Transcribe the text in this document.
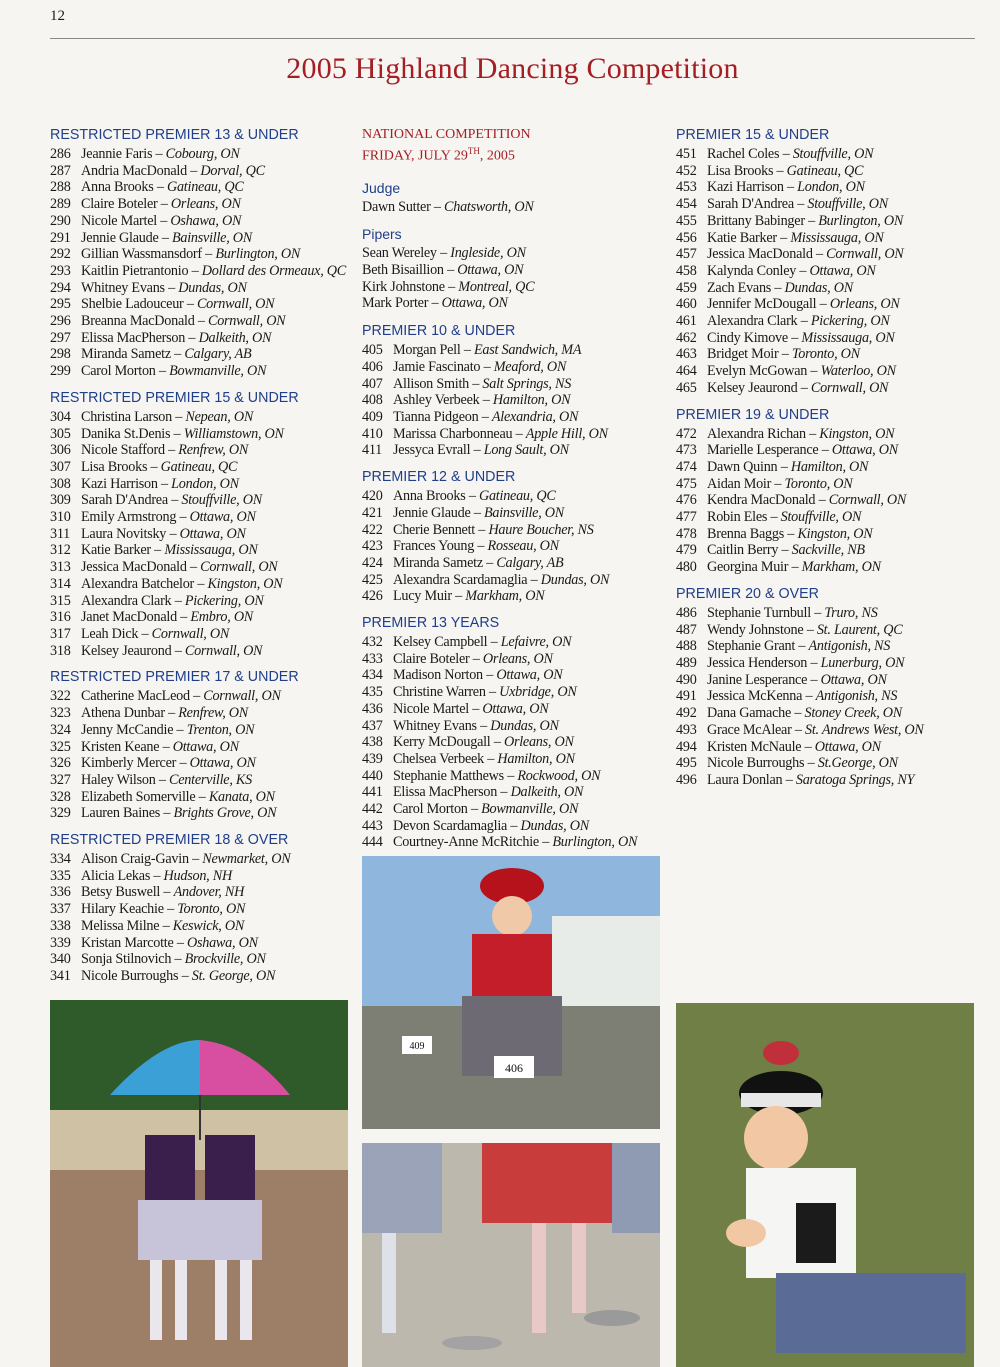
12
2005 Highland Dancing Competition
RESTRICTED PREMIER 13 & UNDER
286 Jeannie Faris – Cobourg, ON
287 Andria MacDonald – Dorval, QC
288 Anna Brooks – Gatineau, QC
289 Claire Boteler – Orleans, ON
290 Nicole Martel – Oshawa, ON
291 Jennie Glaude – Bainsville, ON
292 Gillian Wassmansdorf – Burlington, ON
293 Kaitlin Pietrantonio – Dollard des Ormeaux, QC
294 Whitney Evans – Dundas, ON
295 Shelbie Ladouceur – Cornwall, ON
296 Breanna MacDonald – Cornwall, ON
297 Elissa MacPherson – Dalkeith, ON
298 Miranda Sametz – Calgary, AB
299 Carol Morton – Bowmanville, ON
RESTRICTED PREMIER 15 & UNDER
304 Christina Larson – Nepean, ON
305 Danika St.Denis – Williamstown, ON
306 Nicole Stafford – Renfrew, ON
307 Lisa Brooks – Gatineau, QC
308 Kazi Harrison – London, ON
309 Sarah D'Andrea – Stouffville, ON
310 Emily Armstrong – Ottawa, ON
311 Laura Novitsky – Ottawa, ON
312 Katie Barker – Mississauga, ON
313 Jessica MacDonald – Cornwall, ON
314 Alexandra Batchelor – Kingston, ON
315 Alexandra Clark – Pickering, ON
316 Janet MacDonald – Embro, ON
317 Leah Dick – Cornwall, ON
318 Kelsey Jeaurond – Cornwall, ON
RESTRICTED PREMIER 17 & UNDER
322 Catherine MacLeod – Cornwall, ON
323 Athena Dunbar – Renfrew, ON
324 Jenny McCandie – Trenton, ON
325 Kristen Keane – Ottawa, ON
326 Kimberly Mercer – Ottawa, ON
327 Haley Wilson – Centerville, KS
328 Elizabeth Somerville – Kanata, ON
329 Lauren Baines – Brights Grove, ON
RESTRICTED PREMIER 18 & OVER
334 Alison Craig-Gavin – Newmarket, ON
335 Alicia Lekas – Hudson, NH
336 Betsy Buswell – Andover, NH
337 Hilary Keachie – Toronto, ON
338 Melissa Milne – Keswick, ON
339 Kristan Marcotte – Oshawa, ON
340 Sonja Stilnovich – Brockville, ON
341 Nicole Burroughs – St. George, ON
NATIONAL COMPETITION
FRIDAY, JULY 29TH, 2005
Judge
Dawn Sutter – Chatsworth, ON
Pipers
Sean Wereley – Ingleside, ON
Beth Bisaillion – Ottawa, ON
Kirk Johnstone – Montreal, QC
Mark Porter – Ottawa, ON
PREMIER 10 & UNDER
405 Morgan Pell – East Sandwich, MA
406 Jamie Fascinato – Meaford, ON
407 Allison Smith – Salt Springs, NS
408 Ashley Verbeek – Hamilton, ON
409 Tianna Pidgeon – Alexandria, ON
410 Marissa Charbonneau – Apple Hill, ON
411 Jessyca Evrall – Long Sault, ON
PREMIER 12 & UNDER
420 Anna Brooks – Gatineau, QC
421 Jennie Glaude – Bainsville, ON
422 Cherie Bennett – Haure Boucher, NS
423 Frances Young – Rosseau, ON
424 Miranda Sametz – Calgary, AB
425 Alexandra Scardamaglia – Dundas, ON
426 Lucy Muir – Markham, ON
PREMIER 13 YEARS
432 Kelsey Campbell – Lefaivre, ON
433 Claire Boteler – Orleans, ON
434 Madison Norton – Ottawa, ON
435 Christine Warren – Uxbridge, ON
436 Nicole Martel – Ottawa, ON
437 Whitney Evans – Dundas, ON
438 Kerry McDougall – Orleans, ON
439 Chelsea Verbeek – Hamilton, ON
440 Stephanie Matthews – Rockwood, ON
441 Elissa MacPherson – Dalkeith, ON
442 Carol Morton – Bowmanville, ON
443 Devon Scardamaglia – Dundas, ON
444 Courtney-Anne McRitchie – Burlington, ON
PREMIER 15 & UNDER
451 Rachel Coles – Stouffville, ON
452 Lisa Brooks – Gatineau, QC
453 Kazi Harrison – London, ON
454 Sarah D'Andrea – Stouffville, ON
455 Brittany Babinger – Burlington, ON
456 Katie Barker – Mississauga, ON
457 Jessica MacDonald – Cornwall, ON
458 Kalynda Conley – Ottawa, ON
459 Zach Evans – Dundas, ON
460 Jennifer McDougall – Orleans, ON
461 Alexandra Clark – Pickering, ON
462 Cindy Kimove – Mississauga, ON
463 Bridget Moir – Toronto, ON
464 Evelyn McGowan – Waterloo, ON
465 Kelsey Jeaurond – Cornwall, ON
PREMIER 19 & UNDER
472 Alexandra Richan – Kingston, ON
473 Marielle Lesperance – Ottawa, ON
474 Dawn Quinn – Hamilton, ON
475 Aidan Moir – Toronto, ON
476 Kendra MacDonald – Cornwall, ON
477 Robin Eles – Stouffville, ON
478 Brenna Baggs – Kingston, ON
479 Caitlin Berry – Sackville, NB
480 Georgina Muir – Markham, ON
PREMIER 20 & OVER
486 Stephanie Turnbull – Truro, NS
487 Wendy Johnstone – St. Laurent, QC
488 Stephanie Grant – Antigonish, NS
489 Jessica Henderson – Lunerburg, ON
490 Janine Lesperance – Ottawa, ON
491 Jessica McKenna – Antigonish, NS
492 Dana Gamache – Stoney Creek, ON
493 Grace McAlear – St. Andrews West, ON
494 Kristen McNaule – Ottawa, ON
495 Nicole Burroughs – St.George, ON
496 Laura Donlan – Saratoga Springs, NY
406
409
